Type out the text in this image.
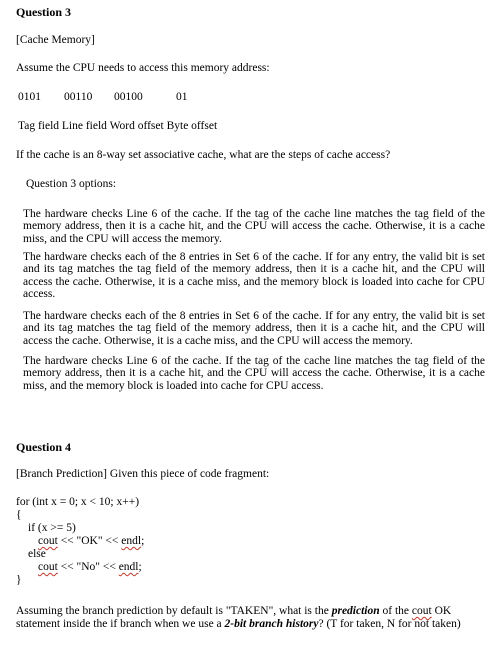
Question 3
[Cache Memory]
Assume the CPU needs to access this memory address:
0101 00110 00100	01
Tag field Line field Word offset Byte offset
If the cache is an 8-way set associative cache, what are the steps of cache access?
Question 3 options:
The hardware checks Line 6 of the cache. If the tag of the cache line matches the tag field of the memory address, then it is a cache hit, and the CPU will access the cache. Otherwise, it is a cache miss, and the CPU will access the memory.
The hardware checks each of the 8 entries in Set 6 of the cache. If for any entry, the valid bit is set and its tag matches the tag field of the memory address, then it is a cache hit, and the CPU will access the cache. Otherwise, it is a cache miss, and the memory block is loaded into cache for CPU access.
The hardware checks each of the 8 entries in Set 6 of the cache. If for any entry, the valid bit is set and its tag matches the tag field of the memory address, then it is a cache hit, and the CPU will access the cache. Otherwise, it is a cache miss, and the CPU will access the memory.
The hardware checks Line 6 of the cache. If the tag of the cache line matches the tag field of the memory address, then it is a cache hit, and the CPU will access the cache. Otherwise, it is a cache miss, and the memory block is loaded into cache for CPU access.
Question 4
[Branch Prediction] Given this piece of code fragment:
for (int x = 0; x < 10; x++)
{
if (x >= 5)
cout << "OK" << endl;
else
cout << "No" << endl;
}
Assuming the branch prediction by default is "TAKEN", what is the prediction of the cout OK statement inside the if branch when we use a 2-bit branch history? (T for taken, N for not taken)
